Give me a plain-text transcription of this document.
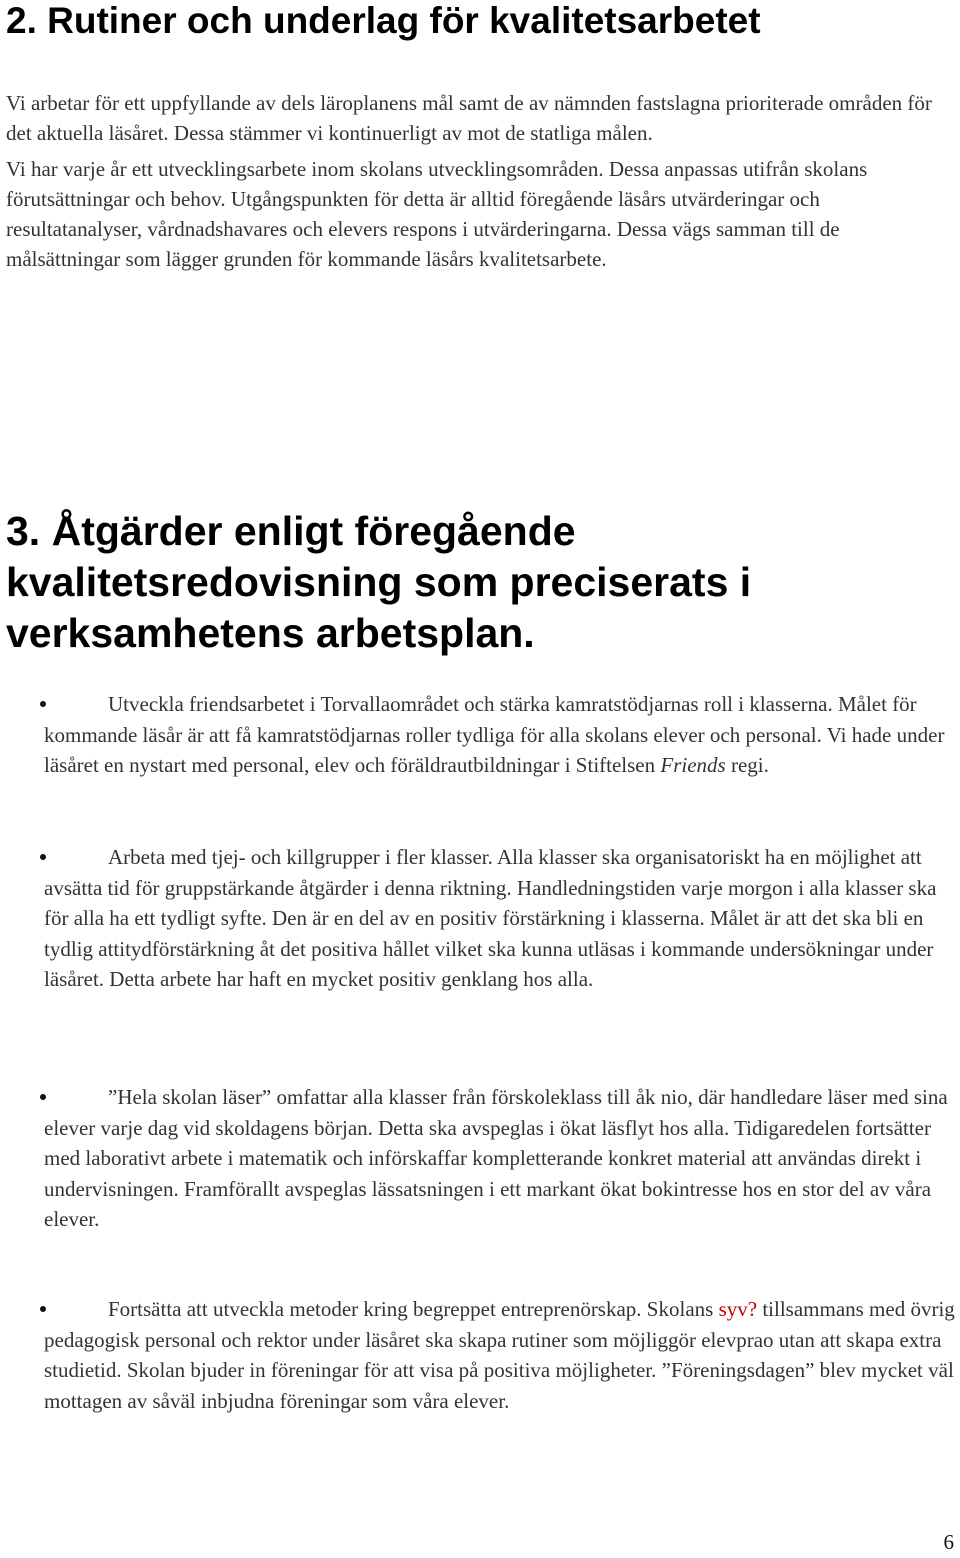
2. Rutiner och underlag för kvalitetsarbetet

Vi arbetar för ett uppfyllande av dels läroplanens mål samt de av nämnden fastslagna prioriterade områden för det aktuella läsåret. Dessa stämmer vi kontinuerligt av mot de statliga målen.

Vi har varje år ett utvecklingsarbete inom skolans utvecklingsområden. Dessa anpassas utifrån skolans förutsättningar och behov. Utgångspunkten för detta är alltid föregående läsårs utvärderingar och resultatanalyser, vårdnadshavares och elevers respons i utvärderingarna. Dessa vägs samman till de målsättningar som lägger grunden för kommande läsårs kvalitetsarbete.

3. Åtgärder enligt föregående kvalitetsredovisning som preciserats i verksamhetens arbetsplan.

Utveckla friendsarbetet i Torvallaområdet och stärka kamratstödjarnas roll i klasserna. Målet för kommande läsår är att få kamratstödjarnas roller tydliga för alla skolans elever och personal. Vi hade under läsåret en nystart med personal, elev och föräldrautbildningar i Stiftelsen Friends regi.

Arbeta med tjej- och killgrupper i fler klasser. Alla klasser ska organisatoriskt ha en möjlighet att avsätta tid för gruppstärkande åtgärder i denna riktning. Handledningstiden varje morgon i alla klasser ska för alla ha ett tydligt syfte. Den är en del av en positiv förstärkning i klasserna. Målet är att det ska bli en tydlig attitydförstärkning åt det positiva hållet vilket ska kunna utläsas i kommande undersökningar under läsåret. Detta arbete har haft en mycket positiv genklang hos alla.

”Hela skolan läser” omfattar alla klasser från förskoleklass till åk nio, där handledare läser med sina elever varje dag vid skoldagens början. Detta ska avspeglas i ökat läsflyt hos alla. Tidigaredelen fortsätter med laborativt arbete i matematik och införskaffar kompletterande konkret material att användas direkt i undervisningen. Framförallt avspeglas lässatsningen i ett markant ökat bokintresse hos en stor del av våra elever.

Fortsätta att utveckla metoder kring begreppet entreprenörskap. Skolans syv? tillsammans med övrig pedagogisk personal och rektor under läsåret ska skapa rutiner som möjliggör elevprao utan att skapa extra studietid. Skolan bjuder in föreningar för att visa på positiva möjligheter. ”Föreningsdagen” blev mycket väl mottagen av såväl inbjudna föreningar som våra elever.

6
